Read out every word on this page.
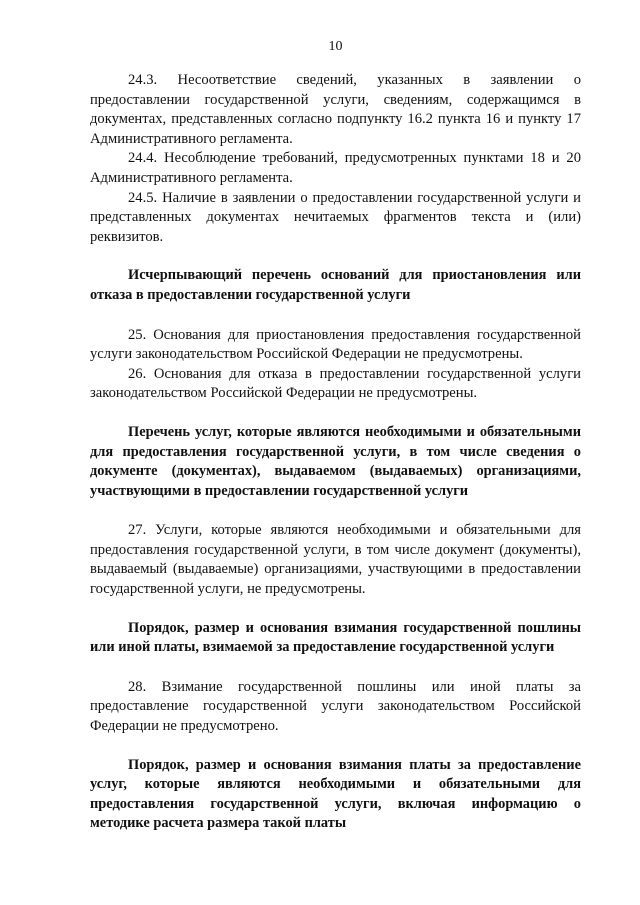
10

24.3. Несоответствие сведений, указанных в заявлении о предоставлении государственной услуги, сведениям, содержащимся в документах, представленных согласно подпункту 16.2 пункта 16 и пункту 17 Административного регламента.

24.4. Несоблюдение требований, предусмотренных пунктами 18 и 20 Административного регламента.

24.5. Наличие в заявлении о предоставлении государственной услуги и представленных документах нечитаемых фрагментов текста и (или) реквизитов.

Исчерпывающий перечень оснований для приостановления или отказа в предоставлении государственной услуги

25. Основания для приостановления предоставления государственной услуги законодательством Российской Федерации не предусмотрены.

26. Основания для отказа в предоставлении государственной услуги законодательством Российской Федерации не предусмотрены.

Перечень услуг, которые являются необходимыми и обязательными для предоставления государственной услуги, в том числе сведения о документе (документах), выдаваемом (выдаваемых) организациями, участвующими в предоставлении государственной услуги

27. Услуги, которые являются необходимыми и обязательными для предоставления государственной услуги, в том числе документ (документы), выдаваемый (выдаваемые) организациями, участвующими в предоставлении государственной услуги, не предусмотрены.

Порядок, размер и основания взимания государственной пошлины или иной платы, взимаемой за предоставление государственной услуги

28. Взимание государственной пошлины или иной платы за предоставление государственной услуги законодательством Российской Федерации не предусмотрено.

Порядок, размер и основания взимания платы за предоставление услуг, которые являются необходимыми и обязательными для предоставления государственной услуги, включая информацию о методике расчета размера такой платы
